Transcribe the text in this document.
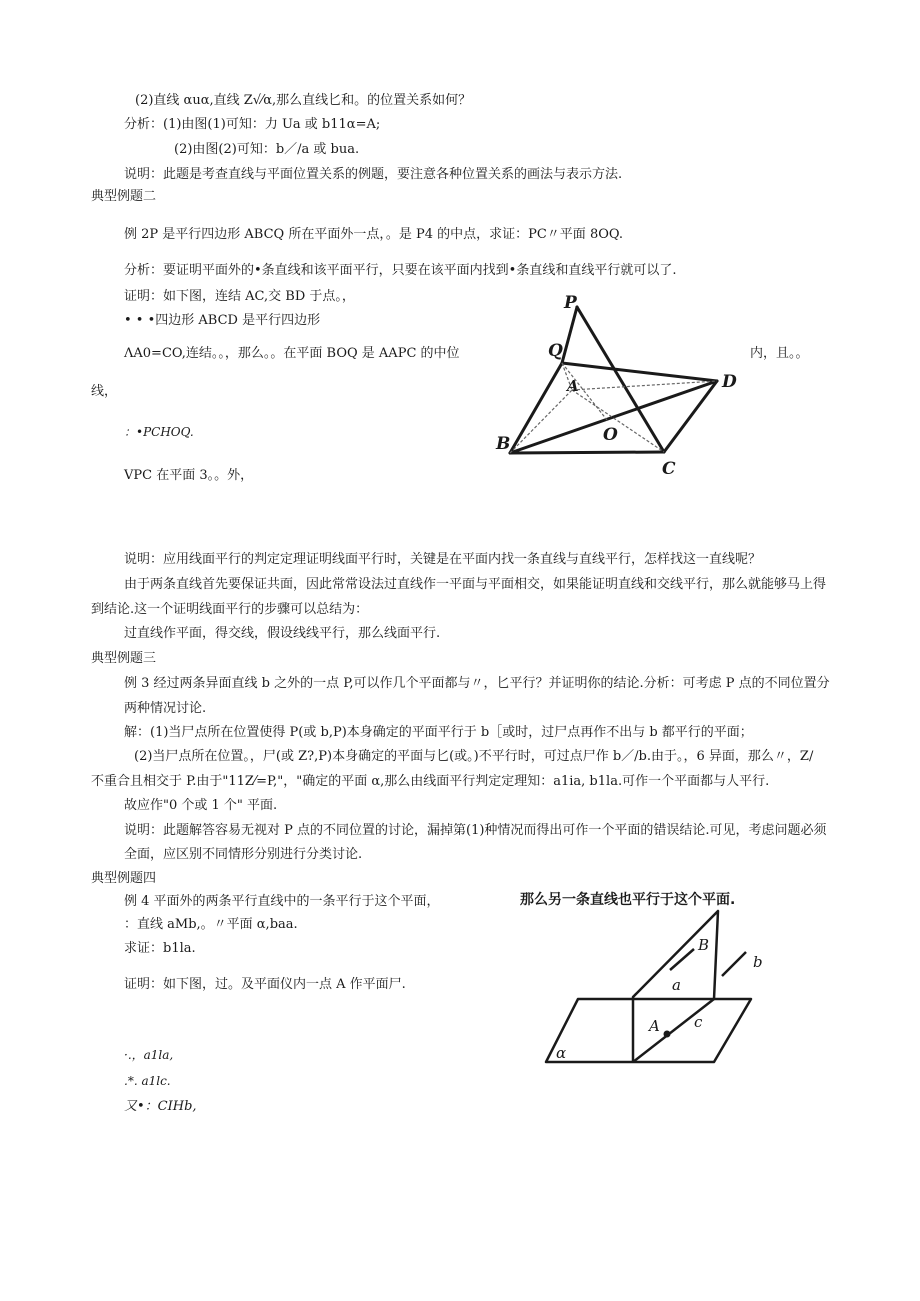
(2)直线 αuα,直线 Z√⁄α,那么直线匕和。的位置关系如何？
分析：(1)由图(1)可知：力 Ua 或 b11α=A;
(2)由图(2)可知：b／/a 或 bua.
说明：此题是考查直线与平面位置关系的例题，要注意各种位置关系的画法与表示方法.
典型例题二
例 2P 是平行四边形 ABCQ 所在平面外一点，。是 P4 的中点，求证：PC〃平面 8OQ.
分析：要证明平面外的•条直线和该平面平行，只要在该平面内找到•条直线和直线平行就可以了.
证明：如下图，连结 AC,交 BD 于点。，
• • •四边形 ABCD 是平行四边形
ΛA0=CO,连结。。，那么。。在平面 BOQ 是 AAPC 的中位	内，且。。
线，
：•PCHOQ.
VPC 在平面 3。。外，
说明：应用线面平行的判定定理证明线面平行时，关键是在平面内找一条直线与直线平行，怎样找这一直线呢？
由于两条直线首先要保证共面，因此常常设法过直线作一平面与平面相交，如果能证明直线和交线平行，那么就能够马上得
到结论.这一个证明线面平行的步骤可以总结为：
过直线作平面，得交线，假设线线平行，那么线面平行.
典型例题三
例 3 经过两条异面直线 b 之外的一点 P,可以作几个平面都与〃，匕平行？并证明你的结论.分析：可考虑 P 点的不同位置分
两种情况讨论.
解：(1)当尸点所在位置使得 P(或 b,P)本身确定的平面平行于 b［或时，过尸点再作不出与 b 都平行的平面；
(2)当尸点所在位置。，尸(或 Z?,P)本身确定的平面与匕(或。)不平行时，可过点尸作 b／/b.由于。，6 异面，那么〃，Z/
不重合且相交于 P.由于"11Z⁄=P,"，"确定的平面 α,那么由线面平行判定定理知：a1ia, b1la.可作一个平面都与人平行.
故应作"0 个或 1 个" 平面.
说明：此题解答容易无视对 P 点的不同位置的讨论，漏掉第(1)种情况而得出可作一个平面的错误结论.可见，考虑问题必须
全面，应区别不同情形分别进行分类讨论.
典型例题四
例 4 平面外的两条平行直线中的一条平行于这个平面，	那么另一条直线也平行于这个平面.
：直线 aMb,。〃平面 α,baa.
求证：b1la.
证明：如下图，过。及平面仪内一点 A 作平面尸.
·.，a1la,
.*. a1lc.
又•：CIHb,
P
Q
A	D
B	O
C
B
b
a
A c
α
